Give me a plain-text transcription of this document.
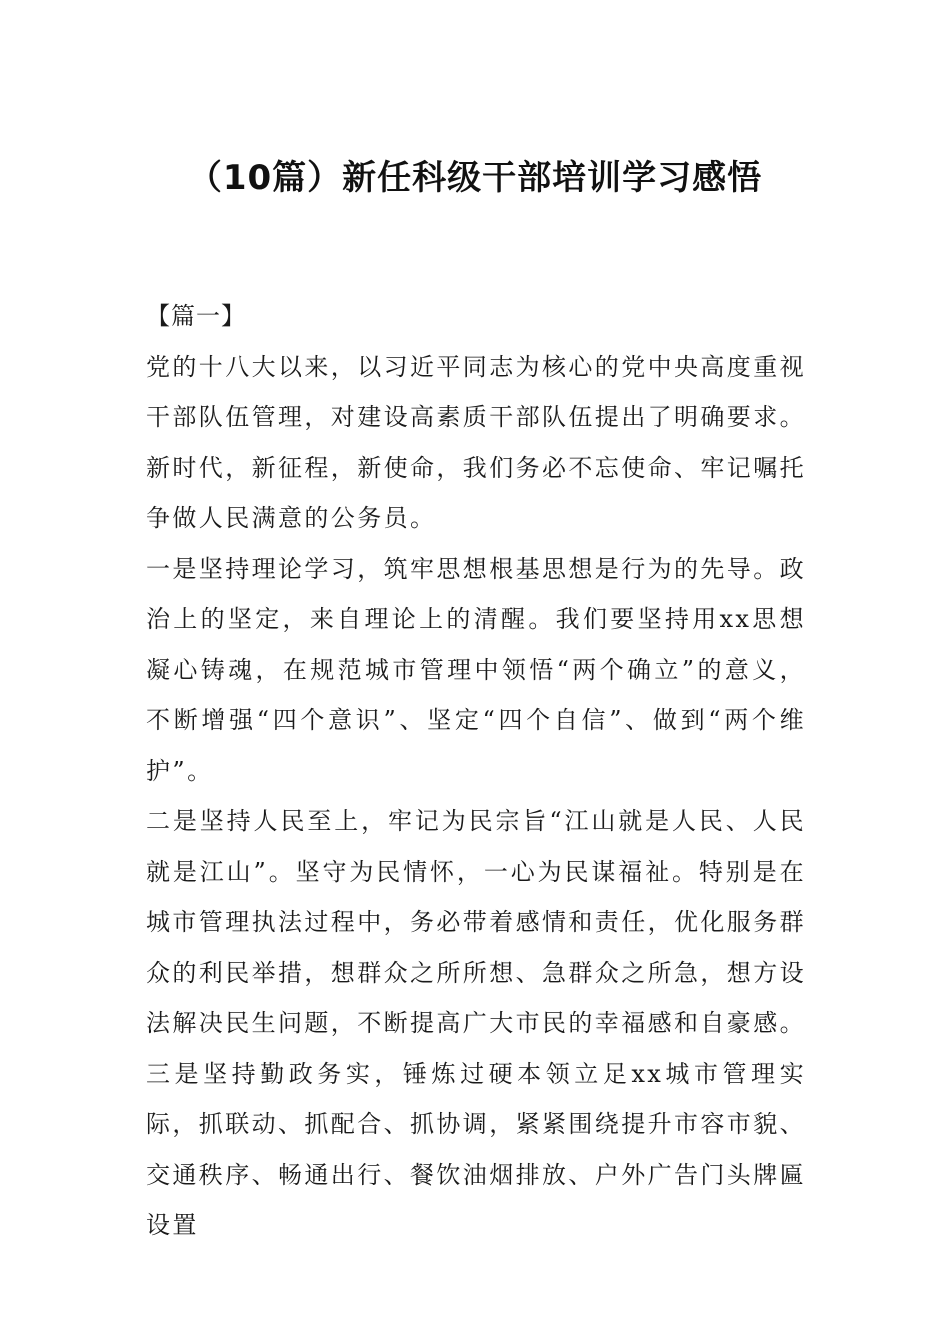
（10篇）新任科级干部培训学习感悟

【篇一】

党的十八大以来，以习近平同志为核心的党中央高度重视干部队伍管理，对建设高素质干部队伍提出了明确要求。新时代，新征程，新使命，我们务必不忘使命、牢记嘱托争做人民满意的公务员。

一是坚持理论学习，筑牢思想根基思想是行为的先导。政治上的坚定，来自理论上的清醒。我们要坚持用xx思想凝心铸魂，在规范城市管理中领悟“两个确立”的意义，不断增强“四个意识”、坚定“四个自信”、做到“两个维护”。

二是坚持人民至上，牢记为民宗旨“江山就是人民、人民就是江山”。坚守为民情怀，一心为民谋福祉。特别是在城市管理执法过程中，务必带着感情和责任，优化服务群众的利民举措，想群众之所所想、急群众之所急，想方设法解决民生问题，不断提高广大市民的幸福感和自豪感。

三是坚持勤政务实，锤炼过硬本领立足xx城市管理实际，抓联动、抓配合、抓协调，紧紧围绕提升市容市貌、交通秩序、畅通出行、餐饮油烟排放、户外广告门头牌匾设置
